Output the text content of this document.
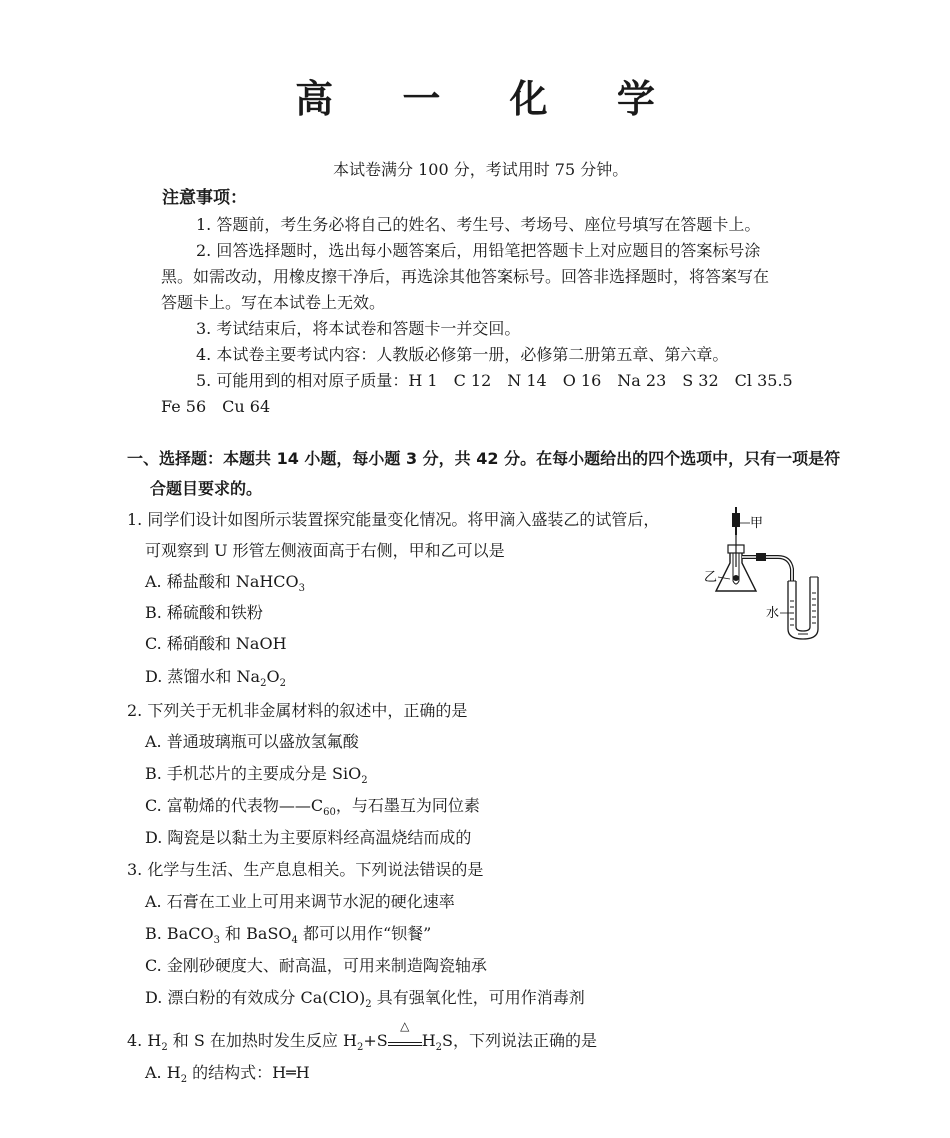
高 一 化 学
本试卷满分 100 分，考试用时 75 分钟。
注意事项：
1. 答题前，考生务必将自己的姓名、考生号、考场号、座位号填写在答题卡上。
2. 回答选择题时，选出每小题答案后，用铅笔把答题卡上对应题目的答案标号涂
黑。如需改动，用橡皮擦干净后，再选涂其他答案标号。回答非选择题时，将答案写在
答题卡上。写在本试卷上无效。
3. 考试结束后，将本试卷和答题卡一并交回。
4. 本试卷主要考试内容：人教版必修第一册，必修第二册第五章、第六章。
5. 可能用到的相对原子质量：H 1　C 12　N 14　O 16　Na 23　S 32　Cl 35.5
Fe 56　Cu 64
一、选择题：本题共 14 小题，每小题 3 分，共 42 分。在每小题给出的四个选项中，只有一项是符
合题目要求的。
1. 同学们设计如图所示装置探究能量变化情况。将甲滴入盛装乙的试管后，
可观察到 U 形管左侧液面高于右侧，甲和乙可以是
A. 稀盐酸和 NaHCO$_3$
B. 稀硫酸和铁粉
C. 稀硝酸和 NaOH
D. 蒸馏水和 $Na_2O_2$
甲
乙
水
2. 下列关于无机非金属材料的叙述中，正确的是
A. 普通玻璃瓶可以盛放氢氟酸
B. 手机芯片的主要成分是 SiO$_2$
C. 富勒烯的代表物$——C_{60}$，与石墨互为同位素
D. 陶瓷是以黏土为主要原料经高温烧结而成的
3. 化学与生活、生产息息相关。下列说法错误的是
A. 石膏在工业上可用来调节水泥的硬化速率
B. BaCO$_3$ 和 BaSO$_4$ 都可以用作“钡餐”
C. 金刚砂硬度大、耐高温，可用来制造陶瓷轴承
D. 漂白粉的有效成分 $Ca(ClO)_2$ 具有强氧化性，可用作消毒剂
4. $H_2$ 和 S 在加热时发生反应 $H_2+S$
△
$H_2S$，下列说法正确的是
A. $H_2$ 的结构式：H═H
